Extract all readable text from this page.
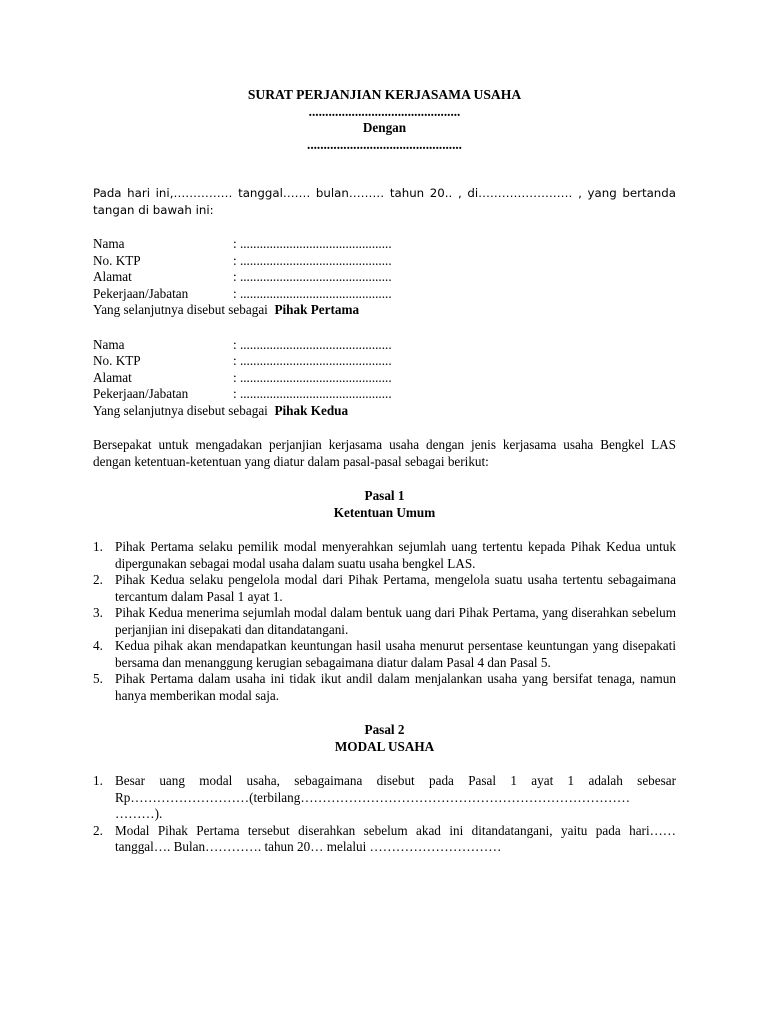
SURAT PERJANJIAN KERJASAMA USAHA
..............................................
Dengan
...............................................
Pada hari ini,…………… tanggal……. bulan……… tahun 20.. , di…………………… , yang bertanda tangan di bawah ini:
Nama	: ..............................................
No. KTP	: ..............................................
Alamat	: ..............................................
Pekerjaan/Jabatan	: ..............................................
Yang selanjutnya disebut sebagai Pihak Pertama
Nama	: ..............................................
No. KTP	: ..............................................
Alamat	: ..............................................
Pekerjaan/Jabatan	: ..............................................
Yang selanjutnya disebut sebagai Pihak Kedua
Bersepakat untuk mengadakan perjanjian kerjasama usaha dengan jenis kerjasama usaha Bengkel LAS dengan ketentuan-ketentuan yang diatur dalam pasal-pasal sebagai berikut:
Pasal 1
Ketentuan Umum
1. Pihak Pertama selaku pemilik modal menyerahkan sejumlah uang tertentu kepada Pihak Kedua untuk dipergunakan sebagai modal usaha dalam suatu usaha bengkel LAS.
2. Pihak Kedua selaku pengelola modal dari Pihak Pertama, mengelola suatu usaha tertentu sebagaimana tercantum dalam Pasal 1 ayat 1.
3. Pihak Kedua menerima sejumlah modal dalam bentuk uang dari Pihak Pertama, yang diserahkan sebelum perjanjian ini disepakati dan ditandatangani.
4. Kedua pihak akan mendapatkan keuntungan hasil usaha menurut persentase keuntungan yang disepakati bersama dan menanggung kerugian sebagaimana diatur dalam Pasal 4 dan Pasal 5.
5. Pihak Pertama dalam usaha ini tidak ikut andil dalam menjalankan usaha yang bersifat tenaga, namun hanya memberikan modal saja.
Pasal 2
MODAL USAHA
1. Besar uang modal usaha, sebagaimana disebut pada Pasal 1 ayat 1 adalah sebesar
Rp………………………(terbilang…………………………………………………………………
………).
2. Modal Pihak Pertama tersebut diserahkan sebelum akad ini ditandatangani, yaitu pada hari……
tanggal…. Bulan…………. tahun 20… melalui …………………………
